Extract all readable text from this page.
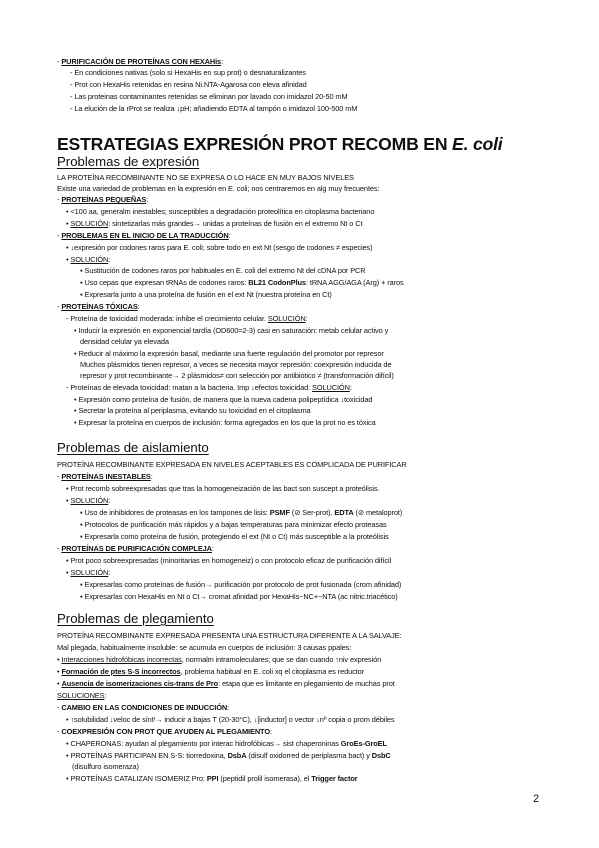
- PURIFICACIÓN DE PROTEÍNAS CON HEXAHis:
- En condiciones nativas (solo si HexaHis en sup prot) o desnaturalizantes
- Prot con HexaHis retenidas en resina Ni.NTA-Agarosa con eleva afinidad
- Las proteinas contaminantes retenidas se eliminan por lavado con imidazol 20-50 mM
- La elución de la rProt se realiza ↓pH; añadiendo EDTA al tampón o imidazol 100-500 mM
ESTRATEGIAS EXPRESIÓN PROT RECOMB EN E. coli
Problemas de expresión
LA PROTEÍNA RECOMBINANTE NO SE EXPRESA O LO HACE EN MUY BAJOS NIVELES
Existe una variedad de problemas en la expresión en E. coli; nos centraremos en alg muy frecuentes:
- PROTEÍNAS PEQUEÑAS:
• <100 aa, generalm inestables; susceptibles a degradación proteolítica en citoplasma bacteriano
• SOLUCIÓN: sintetizarlas más grandes→ unidas a proteínas de fusión en el extremo Nt o Ct
- PROBLEMAS EN EL INICIO DE LA TRADUCCIÓN:
• ↓expresión por codones raros para E. coli; sobre todo en ext Nt (sesgo de codones ≠ especies)
• SOLUCIÓN:
▪ Sustitución de codones raros por habituales en E. coli del extremo Nt del cDNA por PCR
▪ Uso cepas que expresan tRNAs de codones raros: BL21 CodonPlus: tRNA AGG/AGA (Arg) + raros
▪ Expresarla junto a una proteína de fusión en el ext Nt (nuestra proteína en Ct)
- PROTEÍNAS TÓXICAS:
- Proteína de toxicidad moderada: inhibe el crecimiento celular. SOLUCIÓN:
• Inducir la expresión en exponencial tardía (OD600=2-3) casi en saturación: metab celular activo y
densidad celular ya elevada
• Reducir al máximo la expresión basal, mediante una fuerte regulación del promotor por represor
Muchos plásmidos tienen represor, a veces se necesita mayor represión: coexpresión inducida de
represor y prot recombinante→ 2 plásmidos≠ con selección por antibiótico ≠ (transformación difícil)
- Proteínas de elevada toxicidad: matan a la bacteria. Imp ↓efectos toxicidad: SOLUCIÓN:
• Expresión como proteína de fusión, de manera que la nueva cadena polipeptídica ↓toxicidad
• Secretar la proteína al periplasma, evitando su toxicidad en el citoplasma
• Expresar la proteína en cuerpos de inclusión: forma agregados en los que la prot no es tóxica
Problemas de aislamiento
PROTEÍNA RECOMBINANTE EXPRESADA EN NIVELES ACEPTABLES ES COMPLICADA DE PURIFICAR
- PROTEÍNAS INESTABLES:
• Prot recomb sobreexpresadas que tras la homogeneización de las bact son suscept a proteólisis.
• SOLUCIÓN:
▪ Uso de inhibidores de proteasas en los tampones de lisis: PSMF (⊘ Ser-prot), EDTA (⊘ metaloprot)
▪ Protocolos de purificación más rápidos y a bajas temperaturas para minimizar efecto proteasas
▪ Expresarla como proteína de fusión, protegiendo el ext (Nt o Ct) más susceptible a la proteólisis
- PROTEÍNAS DE PURIFICACIÓN COMPLEJA:
• Prot poco sobreexpresadas (minoritarias en homogeneiz) o con protocolo eficaz de purificación difícil
• SOLUCIÓN:
▪ Expresarlas como proteínas de fusión→ purificación por protocolo de prot fusionada (crom afinidad)
▪ Expresarlas con HexaHis en Nt o Ct→ cromat afinidad por HexaHis~NC+~NTA (ac nitric.triacético)
Problemas de plegamiento
PROTEÍNA RECOMBINANTE EXPRESADA PRESENTA UNA ESTRUCTURA DIFERENTE A LA SALVAJE:
Mal plegada, habitualmente insoluble: se acumula en cuerpos de inclusión: 3 causas ppales:
• Interacciones hidrofóbicas incorrectas, normalm intramoleculares; que se dan cuando ↑niv expresión
• Formación de ptes S-S incorrectos, problema habitual en E. coli xq el citoplasma es reductor
• Ausencia de isomerizaciones cis-trans de Pro: etapa que es limitante en plegamiento de muchas prot
SOLUCIONES:
- CAMBIO EN LAS CONDICIONES DE INDUCCIÓN:
• ↑solubilidad ↓veloc de síntᵗ→ inducir a bajas T (20-30°C), ↓[inductor] o vector ↓nº copia o prom débiles
- COEXPRESIÓN CON PROT QUE AYUDEN AL PLEGAMIENTO:
• CHAPERONAS: ayudan al plegamiento por interac hidrofóbicas→ sist chaperoninas GroEs-GroEL
• PROTEÍNAS PARTICIPAN EN S-S: tiorredoxina, DsbA (disulf oxidorred de periplasma bact) y DsbC
(disulfuro isomeraza)
• PROTEÍNAS CATALIZAN ISOMERIZ Pro: PPI (peptidil prolil isomerasa), el Trigger factor
2
